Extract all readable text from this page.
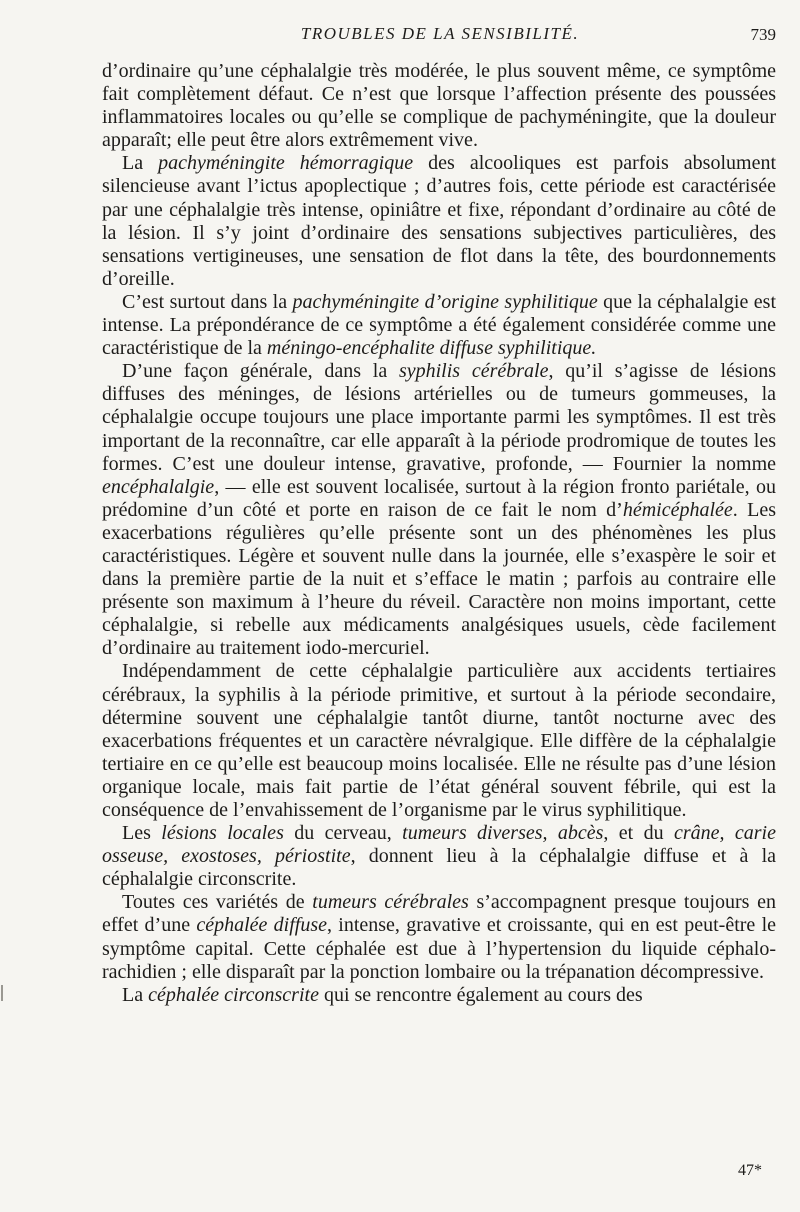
TROUBLES DE LA SENSIBILITÉ.	739

d’ordinaire qu’une céphalalgie très modérée, le plus souvent même, ce symptôme fait complètement défaut. Ce n’est que lorsque l’affection présente des poussées inflammatoires locales ou qu’elle se complique de pachyméningite, que la douleur apparaît; elle peut être alors extrêmement vive.

La pachyméningite hémorragique des alcooliques est parfois absolument silencieuse avant l’ictus apoplectique ; d’autres fois, cette période est caractérisée par une céphalalgie très intense, opiniâtre et fixe, répondant d’ordinaire au côté de la lésion. Il s’y joint d’ordinaire des sensations subjectives particulières, des sensations vertigineuses, une sensation de flot dans la tête, des bourdonnements d’oreille.

C’est surtout dans la pachyméningite d’origine syphilitique que la céphalalgie est intense. La prépondérance de ce symptôme a été également considérée comme une caractéristique de la méningo-encéphalite diffuse syphilitique.

D’une façon générale, dans la syphilis cérébrale, qu’il s’agisse de lésions diffuses des méninges, de lésions artérielles ou de tumeurs gommeuses, la céphalalgie occupe toujours une place importante parmi les symptômes. Il est très important de la reconnaître, car elle apparaît à la période prodromique de toutes les formes. C’est une douleur intense, gravative, profonde, — Fournier la nomme encéphalalgie, — elle est souvent localisée, surtout à la région fronto pariétale, ou prédomine d’un côté et porte en raison de ce fait le nom d’hémicéphalée. Les exacerbations régulières qu’elle présente sont un des phénomènes les plus caractéristiques. Légère et souvent nulle dans la journée, elle s’exaspère le soir et dans la première partie de la nuit et s’efface le matin ; parfois au contraire elle présente son maximum à l’heure du réveil. Caractère non moins important, cette céphalalgie, si rebelle aux médicaments analgésiques usuels, cède facilement d’ordinaire au traitement iodo-mercuriel.

Indépendamment de cette céphalalgie particulière aux accidents tertiaires cérébraux, la syphilis à la période primitive, et surtout à la période secondaire, détermine souvent une céphalalgie tantôt diurne, tantôt nocturne avec des exacerbations fréquentes et un caractère névralgique. Elle diffère de la céphalalgie tertiaire en ce qu’elle est beaucoup moins localisée. Elle ne résulte pas d’une lésion organique locale, mais fait partie de l’état général souvent fébrile, qui est la conséquence de l’envahissement de l’organisme par le virus syphilitique.

Les lésions locales du cerveau, tumeurs diverses, abcès, et du crâne, carie osseuse, exostoses, périostite, donnent lieu à la céphalalgie diffuse et à la céphalalgie circonscrite.

Toutes ces variétés de tumeurs cérébrales s’accompagnent presque toujours en effet d’une céphalée diffuse, intense, gravative et croissante, qui en est peut-être le symptôme capital. Cette céphalée est due à l’hypertension du liquide céphalo-rachidien ; elle disparaît par la ponction lombaire ou la trépanation décompressive.

La céphalée circonscrite qui se rencontre également au cours des

47*
